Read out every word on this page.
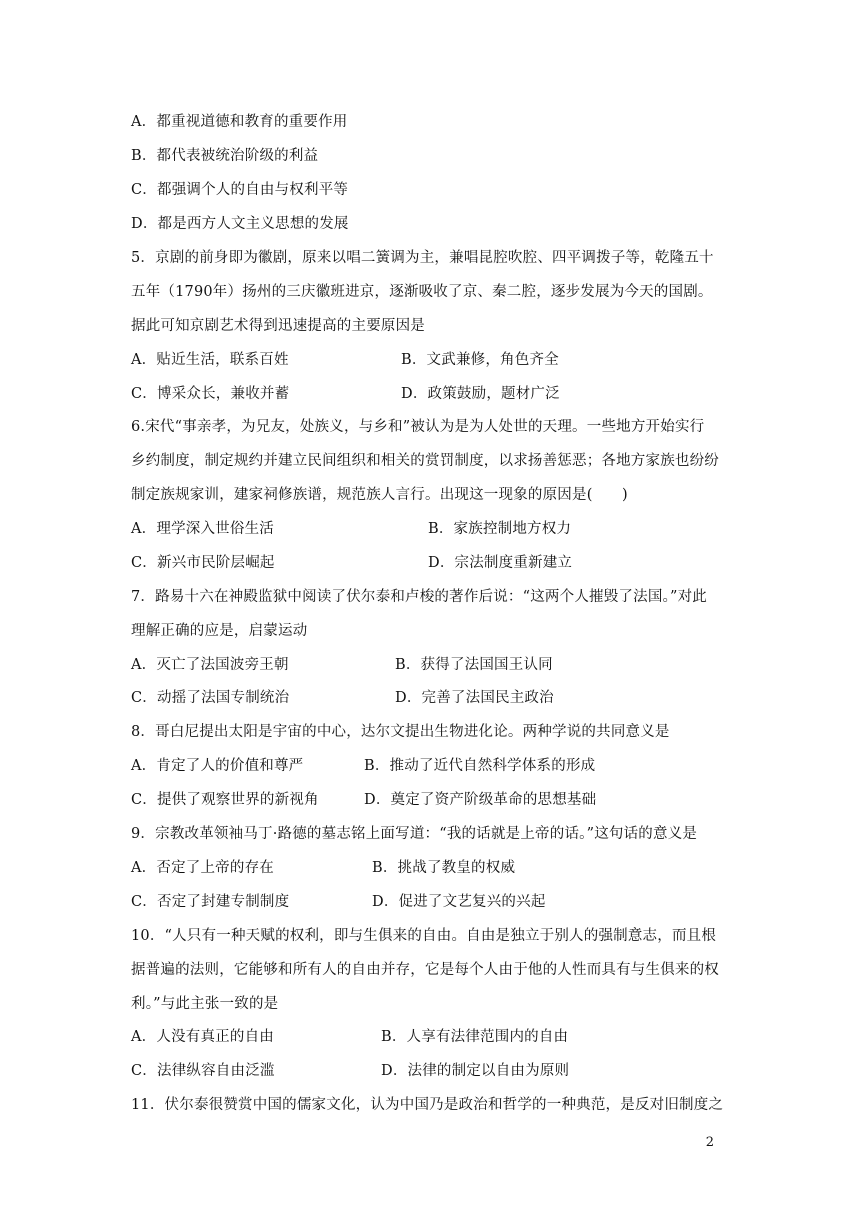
A．都重视道德和教育的重要作用
B．都代表被统治阶级的利益
C．都强调个人的自由与权利平等
D．都是西方人文主义思想的发展
5．京剧的前身即为徽剧，原来以唱二簧调为主，兼唱昆腔吹腔、四平调拨子等，乾隆五十
五年（1790年）扬州的三庆徽班进京，逐渐吸收了京、秦二腔，逐步发展为今天的国剧。
据此可知京剧艺术得到迅速提高的主要原因是
A．贴近生活，联系百姓	B．文武兼修，角色齐全
C．博采众长，兼收并蓄	D．政策鼓励，题材广泛
6.宋代“事亲孝，为兄友，处族义，与乡和”被认为是为人处世的天理。一些地方开始实行
乡约制度，制定规约并建立民间组织和相关的赏罚制度，以求扬善惩恶；各地方家族也纷纷
制定族规家训，建家祠修族谱，规范族人言行。出现这一现象的原因是(　　)
A．理学深入世俗生活	B．家族控制地方权力
C．新兴市民阶层崛起	D．宗法制度重新建立
7．路易十六在神殿监狱中阅读了伏尔泰和卢梭的著作后说：“这两个人摧毁了法国。”对此
理解正确的应是，启蒙运动
A．灭亡了法国波旁王朝	B．获得了法国国王认同
C．动摇了法国专制统治	D．完善了法国民主政治
8．哥白尼提出太阳是宇宙的中心，达尔文提出生物进化论。两种学说的共同意义是
A．肯定了人的价值和尊严	B．推动了近代自然科学体系的形成
C．提供了观察世界的新视角	D．奠定了资产阶级革命的思想基础
9．宗教改革领袖马丁·路德的墓志铭上面写道：“我的话就是上帝的话。”这句话的意义是
A．否定了上帝的存在	B．挑战了教皇的权威
C．否定了封建专制制度	D．促进了文艺复兴的兴起
10．“人只有一种天赋的权利，即与生俱来的自由。自由是独立于别人的强制意志，而且根
据普遍的法则，它能够和所有人的自由并存，它是每个人由于他的人性而具有与生俱来的权
利。”与此主张一致的是
A．人没有真正的自由	B．人享有法律范围内的自由
C．法律纵容自由泛滥	D．法律的制定以自由为原则
11．伏尔泰很赞赏中国的儒家文化，认为中国乃是政治和哲学的一种典范，是反对旧制度之
2
